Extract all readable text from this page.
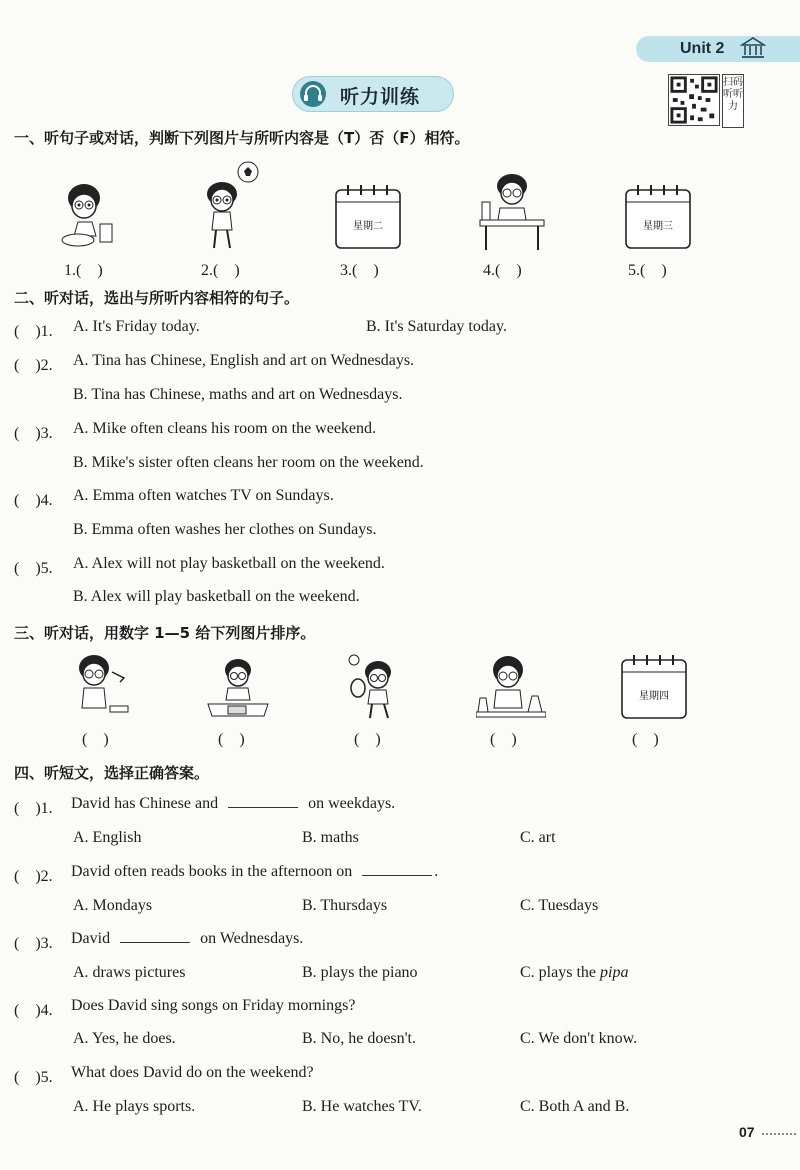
Unit 2
听力训练
扫码听听力
一、听句子或对话，判断下列图片与所听内容是（T）否（F）相符。
星期二	星期三
1.(　)	2.(　)	3.(　)	4.(　)	5.(　)
二、听对话，选出与所听内容相符的句子。
(　)1. A. It's Friday today.	B. It's Saturday today.
(　)2. A. Tina has Chinese, English and art on Wednesdays.
B. Tina has Chinese, maths and art on Wednesdays.
(　)3. A. Mike often cleans his room on the weekend.
B. Mike's sister often cleans her room on the weekend.
(　)4. A. Emma often watches TV on Sundays.
B. Emma often washes her clothes on Sundays.
(　)5. A. Alex will not play basketball on the weekend.
B. Alex will play basketball on the weekend.
三、听对话，用数字 1—5 给下列图片排序。
星期四
(　)	(　)	(　)	(　)	(　)
四、听短文，选择正确答案。
(　)1. David has Chinese and	on weekdays.
A. English	B. maths	C. art
(　)2. David often reads books in the afternoon on	.
A. Mondays	B. Thursdays	C. Tuesdays
(　)3. David	on Wednesdays.
A. draws pictures	B. plays the piano	C. plays the pipa
(　)4. Does David sing songs on Friday mornings?
A. Yes, he does.	B. No, he doesn't.	C. We don't know.
(　)5. What does David do on the weekend?
A. He plays sports.	B. He watches TV.	C. Both A and B.
07
